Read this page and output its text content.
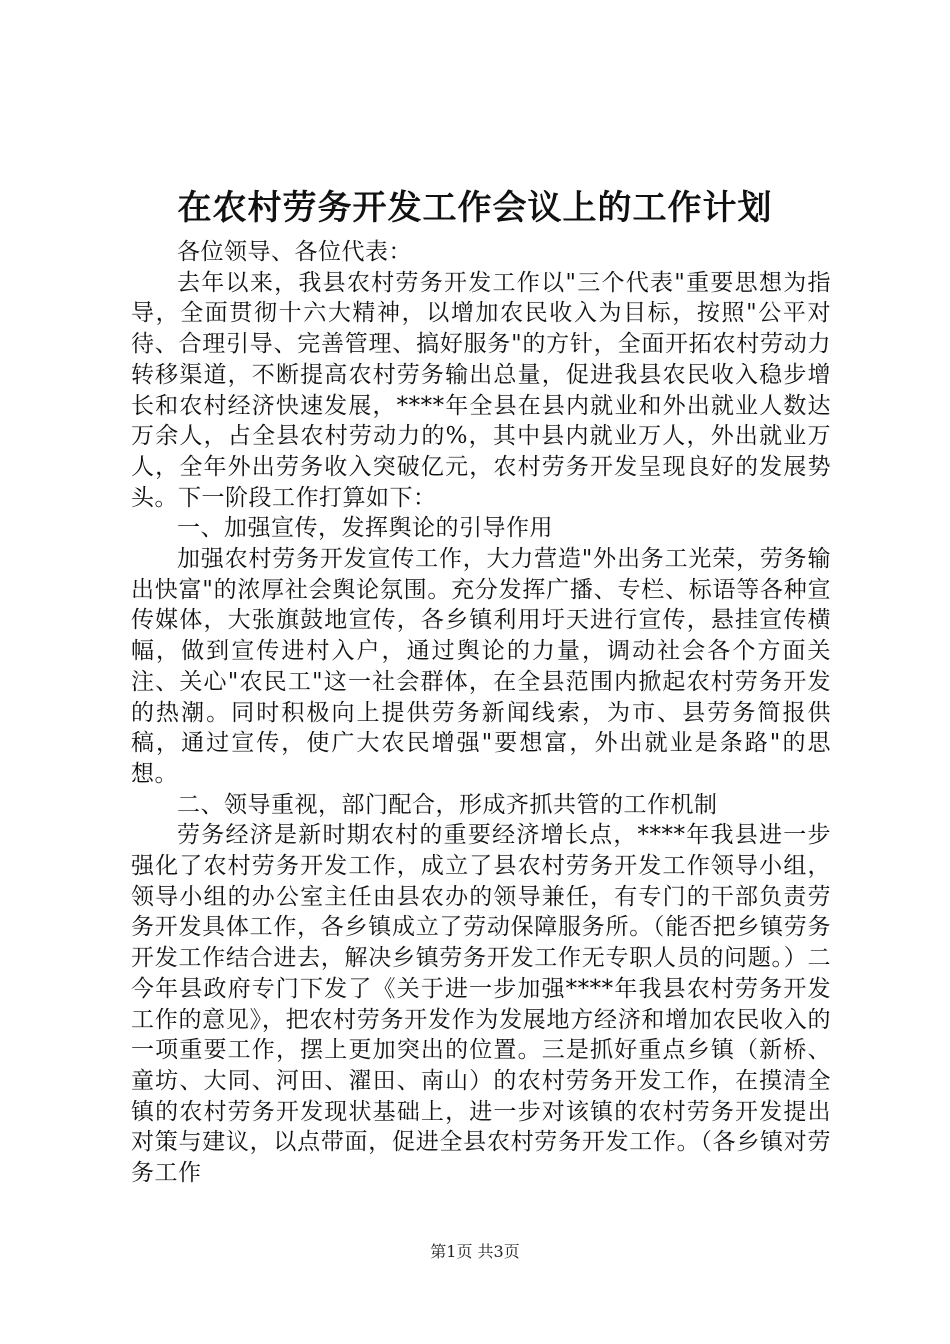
在农村劳务开发工作会议上的工作计划

各位领导、各位代表：

去年以来，我县农村劳务开发工作以"三个代表"重要思想为指导，全面贯彻十六大精神，以增加农民收入为目标，按照"公平对待、合理引导、完善管理、搞好服务"的方针，全面开拓农村劳动力转移渠道，不断提高农村劳务输出总量，促进我县农民收入稳步增长和农村经济快速发展，****年全县在县内就业和外出就业人数达万余人，占全县农村劳动力的%，其中县内就业万人，外出就业万人，全年外出劳务收入突破亿元，农村劳务开发呈现良好的发展势头。下一阶段工作打算如下：

一、加强宣传，发挥舆论的引导作用

加强农村劳务开发宣传工作，大力营造"外出务工光荣，劳务输出快富"的浓厚社会舆论氛围。充分发挥广播、专栏、标语等各种宣传媒体，大张旗鼓地宣传，各乡镇利用圩天进行宣传，悬挂宣传横幅，做到宣传进村入户，通过舆论的力量，调动社会各个方面关注、关心"农民工"这一社会群体，在全县范围内掀起农村劳务开发的热潮。同时积极向上提供劳务新闻线索，为市、县劳务简报供稿，通过宣传，使广大农民增强"要想富，外出就业是条路"的思想。

二、领导重视，部门配合，形成齐抓共管的工作机制

劳务经济是新时期农村的重要经济增长点，****年我县进一步强化了农村劳务开发工作，成立了县农村劳务开发工作领导小组，领导小组的办公室主任由县农办的领导兼任，有专门的干部负责劳务开发具体工作，各乡镇成立了劳动保障服务所。（能否把乡镇劳务开发工作结合进去，解决乡镇劳务开发工作无专职人员的问题。）二今年县政府专门下发了《关于进一步加强****年我县农村劳务开发工作的意见》，把农村劳务开发作为发展地方经济和增加农民收入的一项重要工作，摆上更加突出的位置。三是抓好重点乡镇（新桥、童坊、大同、河田、濯田、南山）的农村劳务开发工作，在摸清全镇的农村劳务开发现状基础上，进一步对该镇的农村劳务开发提出对策与建议，以点带面，促进全县农村劳务开发工作。（各乡镇对劳务工作

第1页 共3页
